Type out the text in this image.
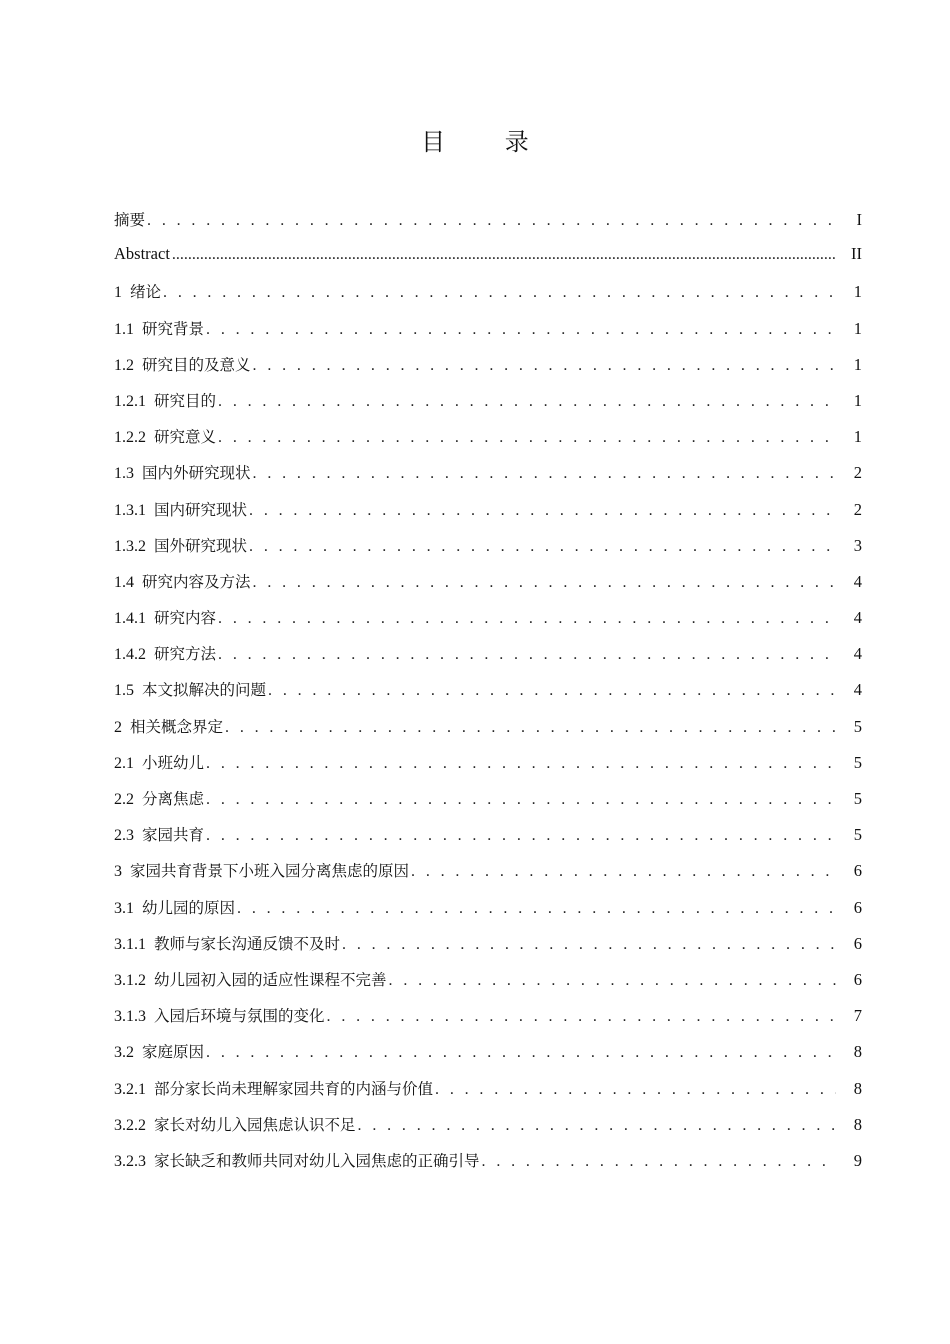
目 录
摘要 . . .	I
Abstract .....	II
1 绪论 . . .	1
1.1 研究背景 . . .	1
1.2 研究目的及意义 . . .	1
1.2.1 研究目的 . . .	1
1.2.2 研究意义 . . .	1
1.3 国内外研究现状 . . .	2
1.3.1 国内研究现状 . . .	2
1.3.2 国外研究现状 . . .	3
1.4 研究内容及方法 . . .	4
1.4.1 研究内容 . . .	4
1.4.2 研究方法 . . .	4
1.5 本文拟解决的问题 . . .	4
2 相关概念界定 . . .	5
2.1 小班幼儿 . . .	5
2.2 分离焦虑 . . .	5
2.3 家园共育 . . .	5
3 家园共育背景下小班入园分离焦虑的原因 . . .	6
3.1 幼儿园的原因 . . .	6
3.1.1 教师与家长沟通反馈不及时 . . .	6
3.1.2 幼儿园初入园的适应性课程不完善 . . .	6
3.1.3 入园后环境与氛围的变化 . . .	7
3.2 家庭原因 . . .	8
3.2.1 部分家长尚未理解家园共育的内涵与价值 . . .	8
3.2.2 家长对幼儿入园焦虑认识不足 . . .	8
3.2.3 家长缺乏和教师共同对幼儿入园焦虑的正确引导 . . .	9
